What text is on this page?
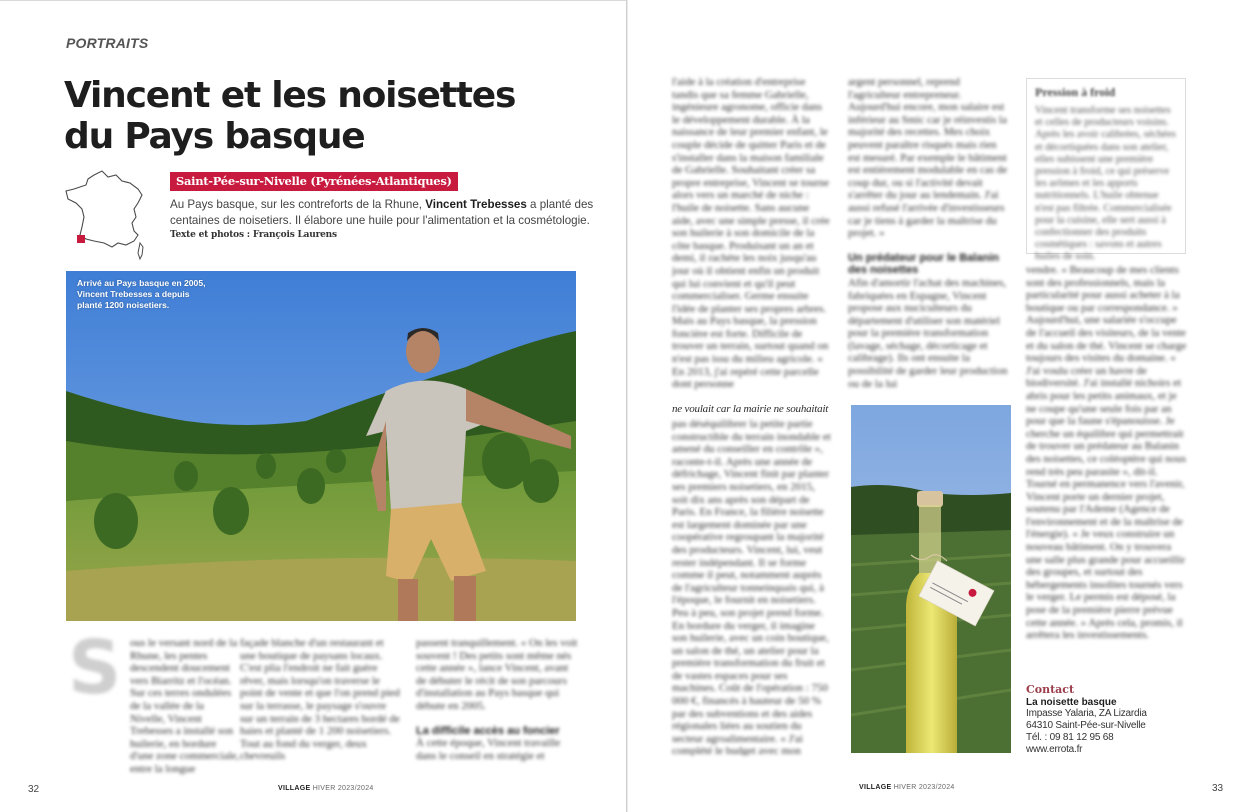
PORTRAITS
Vincent et les noisettes
du Pays basque
Saint-Pée-sur-Nivelle (Pyrénées-Atlantiques)

Au Pays basque, sur les contreforts de la Rhune, Vincent Trebesses a planté des centaines de noisetiers. Il élabore une huile pour l'alimentation et la cosmétologie.

Texte et photos : François Laurens
Arrivé au Pays basque en 2005, Vincent Trebesses a depuis planté 1200 noisetiers.
S ous le versant nord de la Rhune, les pentes descendent doucement vers Biarritz et l'océan. Sur ces terres ondulées de la vallée de la Nivelle, Vincent Trebesses a installé son huilerie, en bordure d'une zone commerciale, entre la longue
façade blanche d'un restaurant et une boutique de paysans locaux. C'est plia l'endroit ne fait guère rêver, mais lorsqu'on traverse le point de vente et que l'on prend pied sur la terrasse, le paysage s'ouvre sur un terrain de 3 hectares bordé de haies et planté de 1 200 noisetiers. Tout au fond du verger, deux chevreuils
passent tranquillement. « On les voit souvent ! Des petits sont même nés cette année », lance Vincent, avant de débuter le récit de son parcours d'installation au Pays basque qui débute en 2005.
La difficile accès au foncier
À cette époque, Vincent travaille dans le conseil en stratégie et
32	VILLAGE HIVER 2023/2024
l'aide à la création d'entreprise tandis que sa femme Gabrielle, ingénieure agronome, officie dans le développement durable. À la naissance de leur premier enfant, le couple décide de quitter Paris et de s'installer dans la maison familiale de Gabrielle. Souhaitant créer sa propre entreprise, Vincent se tourne alors vers un marché de niche : l'huile de noisette. Sans aucune aide, avec une simple presse, il crée son huilerie à son domicile de la côte basque. Produisant un an et demi, il rachète les noix jusqu'au jour où il obtient enfin un produit qui lui convient et qu'il peut commercialiser. Germe ensuite l'idée de planter ses propres arbres. Mais au Pays basque, la pression foncière est forte. Difficile de trouver un terrain, surtout quand on n'est pas issu du milieu agricole. « En 2013, j'ai repéré cette parcelle dont personne
pas déséquilibrer la petite partie constructible du terrain inondable et amené du conseiller en contrôle », raconte-t-il. Après une année de défrichage, Vincent finit par planter ses premiers noisetiers, en 2015, soit dix ans après son départ de Paris. En France, la filière noisette est largement dominée par une coopérative regroupant la majorité des producteurs. Vincent, lui, veut rester indépendant. Il se forme comme il peut, notamment auprès de l'agriculteur tonneinquais qui, à l'époque, le fournit en noisetiers. Peu à peu, son projet prend forme. En bordure du verger, il imagine son huilerie, avec un coin boutique, un salon de thé, un atelier pour la première transformation du fruit et de vastes espaces pour ses machines. Coût de l'opération : 750 000 €, financés à hauteur de 50 % par des subventions et des aides régionales liées au soutien du secteur agroalimentaire. « J'ai complété le budget avec mon
argent personnel, reprend l'agriculteur entrepreneur. Aujourd'hui encore, mon salaire est inférieur au Smic car je réinvestis la majorité des recettes. Mes choix peuvent paraître risqués mais rien est mesuré. Par exemple le bâtiment est entièrement modulable en cas de coup dur, ou si l'activité devait s'arrêter du jour au lendemain. J'ai aussi refusé l'arrivée d'investisseurs car je tiens à garder la maîtrise du projet. »
Un prédateur pour le Balanin des noisettes
Afin d'amortir l'achat des machines, fabriquées en Espagne, Vincent propose aux nuciculteurs du département d'utiliser son matériel pour la première transformation (lavage, séchage, décorticage et calibrage). Ils ont ensuite la possibilité de garder leur production ou de la lui
Pression à froid
Vincent transforme ses noisettes et celles de producteurs voisins. Après les avoir calibrées, séchées et décortiquées dans son atelier, elles subissent une première pression à froid, ce qui préserve les arômes et les apports nutritionnels. L'huile obtenue n'est pas filtrée. Commercialisée pour la cuisine, elle sert aussi à confectionner des produits cosmétiques : savons et autres huiles de soin.
vendre. « Beaucoup de mes clients sont des professionnels, mais la particularité pour aussi acheter à la boutique ou par correspondance. » Aujourd'hui, une salariée s'occupe de l'accueil des visiteurs, de la vente et du salon de thé. Vincent se charge toujours des visites du domaine. « J'ai voulu créer un havre de biodiversité. J'ai installé nichoirs et abris pour les petits animaux, et je ne coupe qu'une seule fois par an pour que la faune s'épanouisse. Je cherche un équilibre qui permettrait de trouver un prédateur au Balanin des noisettes, ce coléoptère qui nous rend très peu parasite », dit-il. Tourné en permanence vers l'avenir, Vincent porte un dernier projet, soutenu par l'Ademe (Agence de l'environnement et de la maîtrise de l'énergie). « Je veux construire un nouveau bâtiment. On y trouvera une salle plus grande pour accueillir des groupes, et surtout des hébergements insolites tournés vers le verger. Le permis est déposé, la pose de la première pierre prévue cette année. » Après cela, promis, il arrêtera les investissements.
Contact
La noisette basque
Impasse Yalaria, ZA Lizardia
64310 Saint-Pée-sur-Nivelle
Tél. : 09 81 12 95 68
www.errota.fr
VILLAGE HIVER 2023/2024	33
ne voulait car la mairie ne souhaitait
